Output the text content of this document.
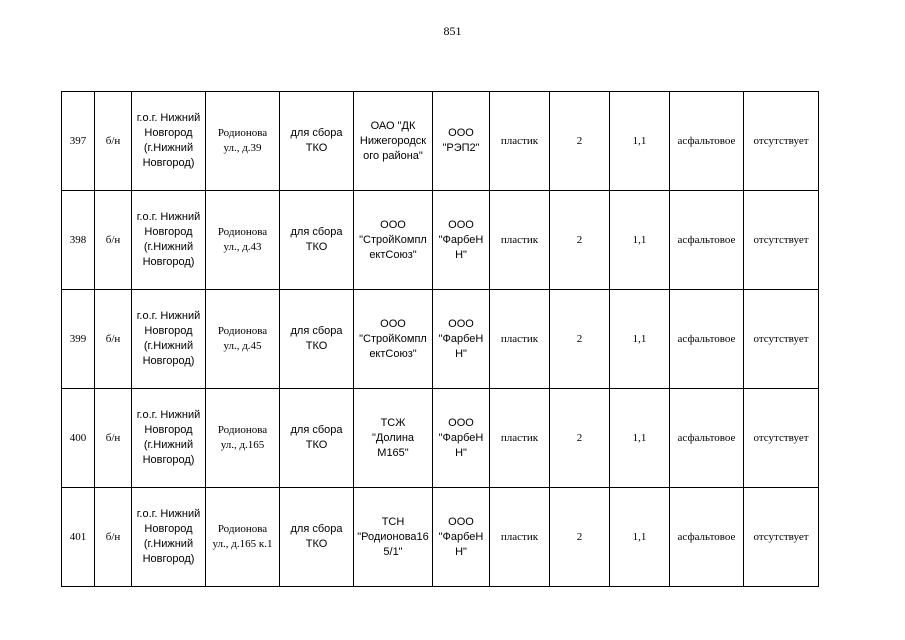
851
397	б/н	г.о.г. Нижний
Новгород
(г.Нижний
Новгород)	Родионова
ул., д.39	для сбора
ТКО	ОАО "ДК
Нижегородск
ого района"	ООО
"РЭП2"	пластик	2	1,1	асфальтовое	отсутствует

398	б/н	г.о.г. Нижний
Новгород
(г.Нижний
Новгород)	Родионова
ул., д.43	для сбора
ТКО	ООО
"СтройКомпл
ектСоюз"	ООО
"ФарбеН
Н"	пластик	2	1,1	асфальтовое	отсутствует

399	б/н	г.о.г. Нижний
Новгород
(г.Нижний
Новгород)	Родионова
ул., д.45	для сбора
ТКО	ООО
"СтройКомпл
ектСоюз"	ООО
"ФарбеН
Н"	пластик	2	1,1	асфальтовое	отсутствует

400	б/н	г.о.г. Нижний
Новгород
(г.Нижний
Новгород)	Родионова
ул., д.165	для сбора
ТКО	ТСЖ
"Долина
М165"	ООО
"ФарбеН
Н"	пластик	2	1,1	асфальтовое	отсутствует

401	б/н	г.о.г. Нижний
Новгород
(г.Нижний
Новгород)	Родионова
ул., д.165 к.1	для сбора
ТКО	ТСН
"Родионова16
5/1"	ООО
"ФарбеН
Н"	пластик	2	1,1	асфальтовое	отсутствует
